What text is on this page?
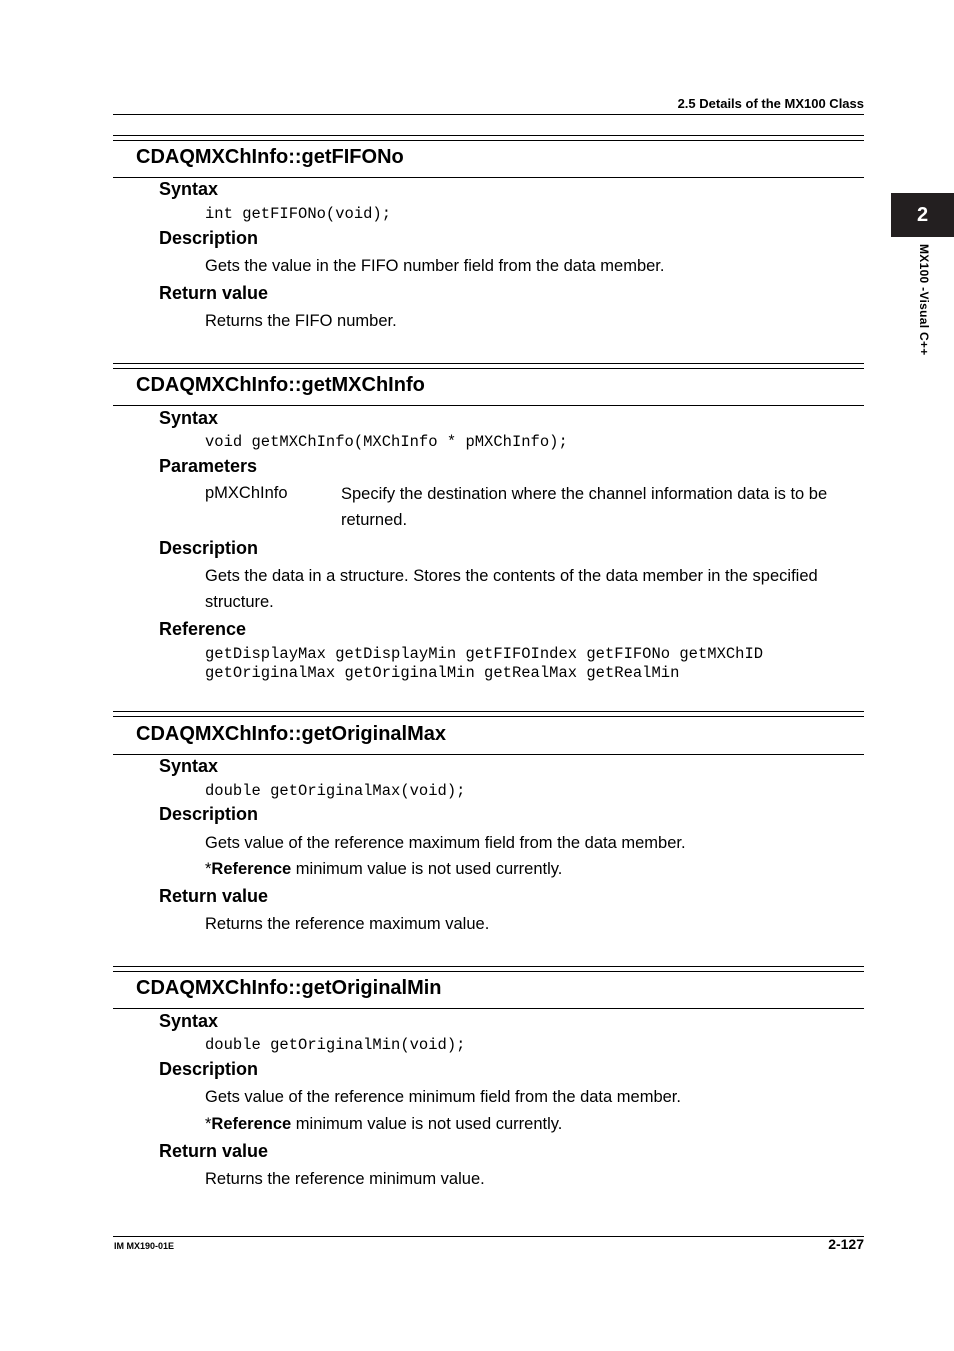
2.5 Details of the MX100 Class
2
MX100 -Visual C++
CDAQMXChInfo::getFIFONo
Syntax
int getFIFONo(void);
Description
Gets the value in the FIFO number field from the data member.
Return value
Returns the FIFO number.
CDAQMXChInfo::getMXChInfo
Syntax
void getMXChInfo(MXChInfo * pMXChInfo);
Parameters
pMXChInfo	Specify the destination where the channel information data is to be returned.
Description
Gets the data in a structure. Stores the contents of the data member in the specified structure.
Reference
getDisplayMax getDisplayMin getFIFOIndex getFIFONo getMXChID
getOriginalMax getOriginalMin getRealMax getRealMin
CDAQMXChInfo::getOriginalMax
Syntax
double getOriginalMax(void);
Description
Gets value of the reference maximum field from the data member.
*Reference minimum value is not used currently.
Return value
Returns the reference maximum value.
CDAQMXChInfo::getOriginalMin
Syntax
double getOriginalMin(void);
Description
Gets value of the reference minimum field from the data member.
*Reference minimum value is not used currently.
Return value
Returns the reference minimum value.
IM MX190-01E	2-127
